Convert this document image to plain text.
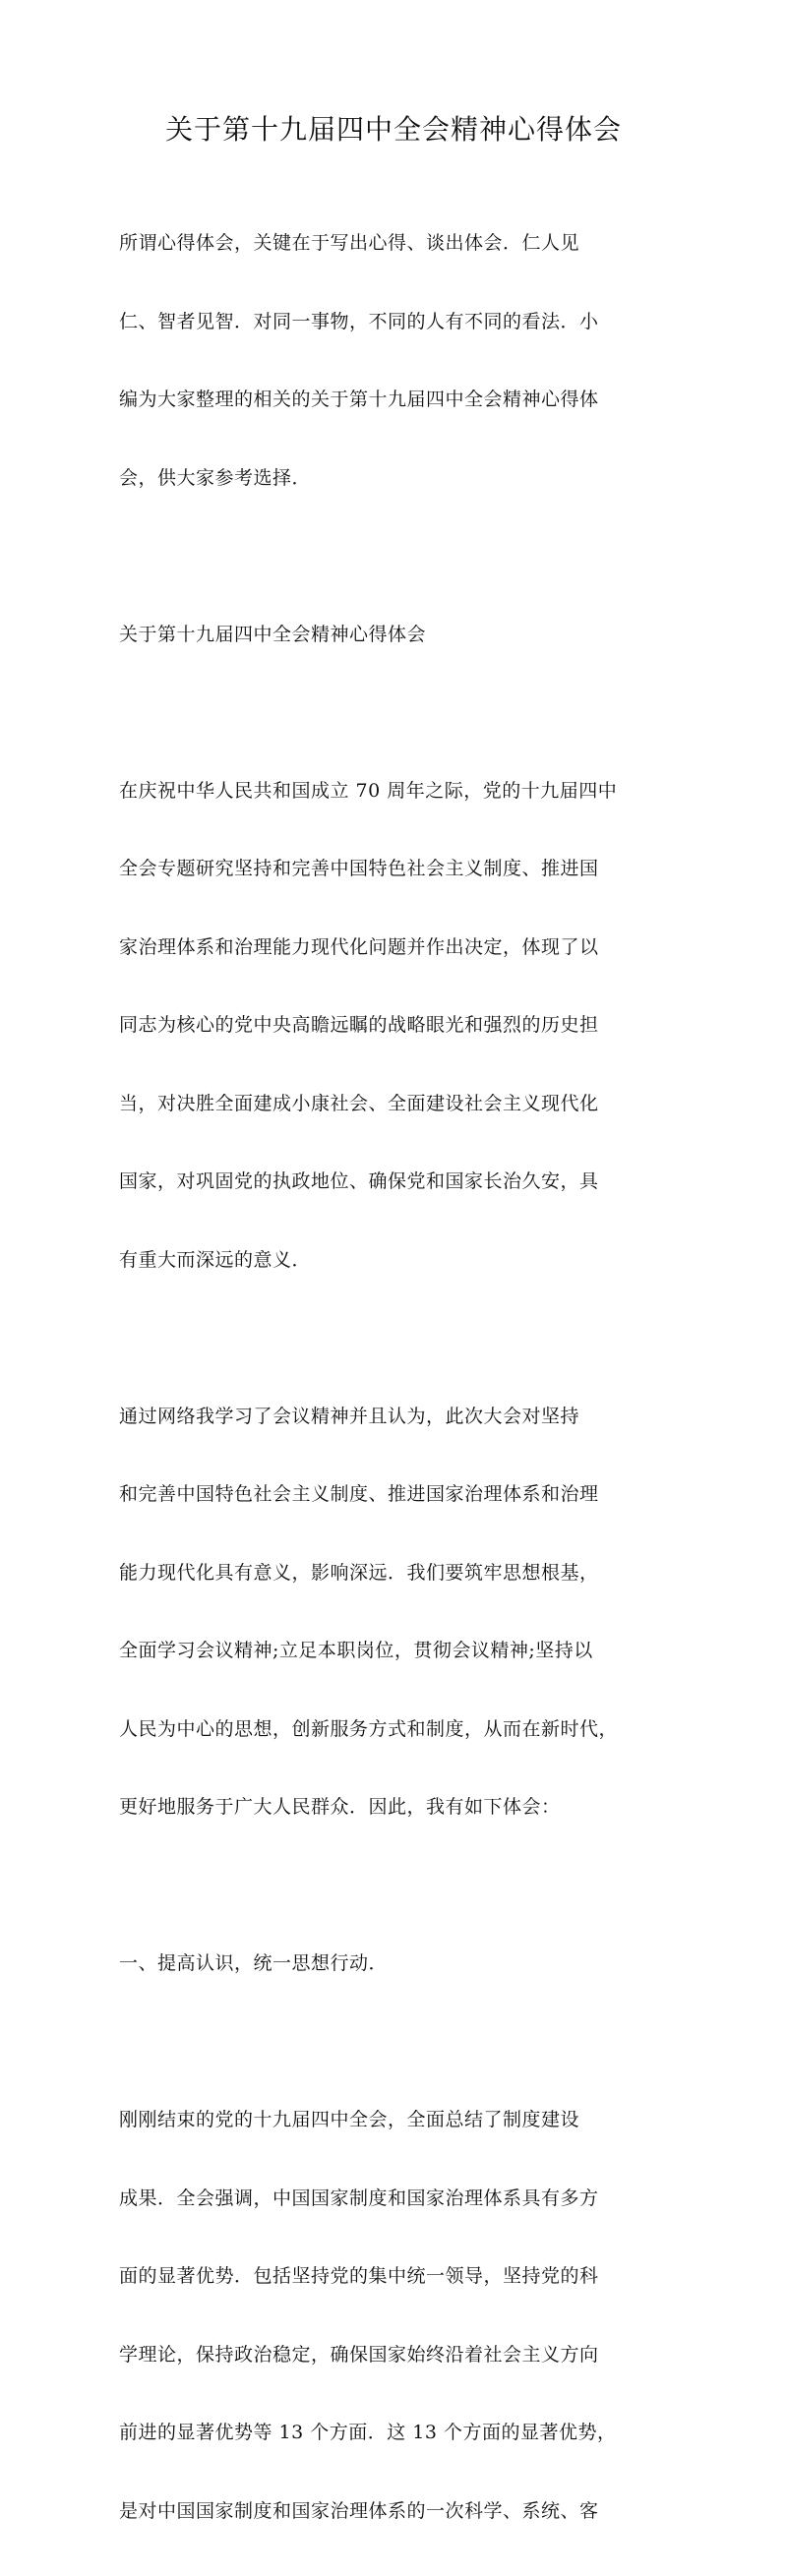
关于第十九届四中全会精神心得体会

所谓心得体会，关键在于写出心得、谈出体会．仁人见

仁、智者见智．对同一事物，不同的人有不同的看法．小

编为大家整理的相关的关于第十九届四中全会精神心得体

会，供大家参考选择．

关于第十九届四中全会精神心得体会

在庆祝中华人民共和国成立 70 周年之际，党的十九届四中

全会专题研究坚持和完善中国特色社会主义制度、推进国

家治理体系和治理能力现代化问题并作出决定，体现了以

同志为核心的党中央高瞻远瞩的战略眼光和强烈的历史担

当，对决胜全面建成小康社会、全面建设社会主义现代化

国家，对巩固党的执政地位、确保党和国家长治久安，具

有重大而深远的意义．

通过网络我学习了会议精神并且认为，此次大会对坚持

和完善中国特色社会主义制度、推进国家治理体系和治理

能力现代化具有意义，影响深远．我们要筑牢思想根基，

全面学习会议精神;立足本职岗位，贯彻会议精神;坚持以

人民为中心的思想，创新服务方式和制度，从而在新时代，

更好地服务于广大人民群众．因此，我有如下体会：

一、提高认识，统一思想行动．

刚刚结束的党的十九届四中全会，全面总结了制度建设

成果．全会强调，中国国家制度和国家治理体系具有多方

面的显著优势．包括坚持党的集中统一领导，坚持党的科

学理论，保持政治稳定，确保国家始终沿着社会主义方向

前进的显著优势等 13 个方面．这 13 个方面的显著优势，

是对中国国家制度和国家治理体系的一次科学、系统、客
